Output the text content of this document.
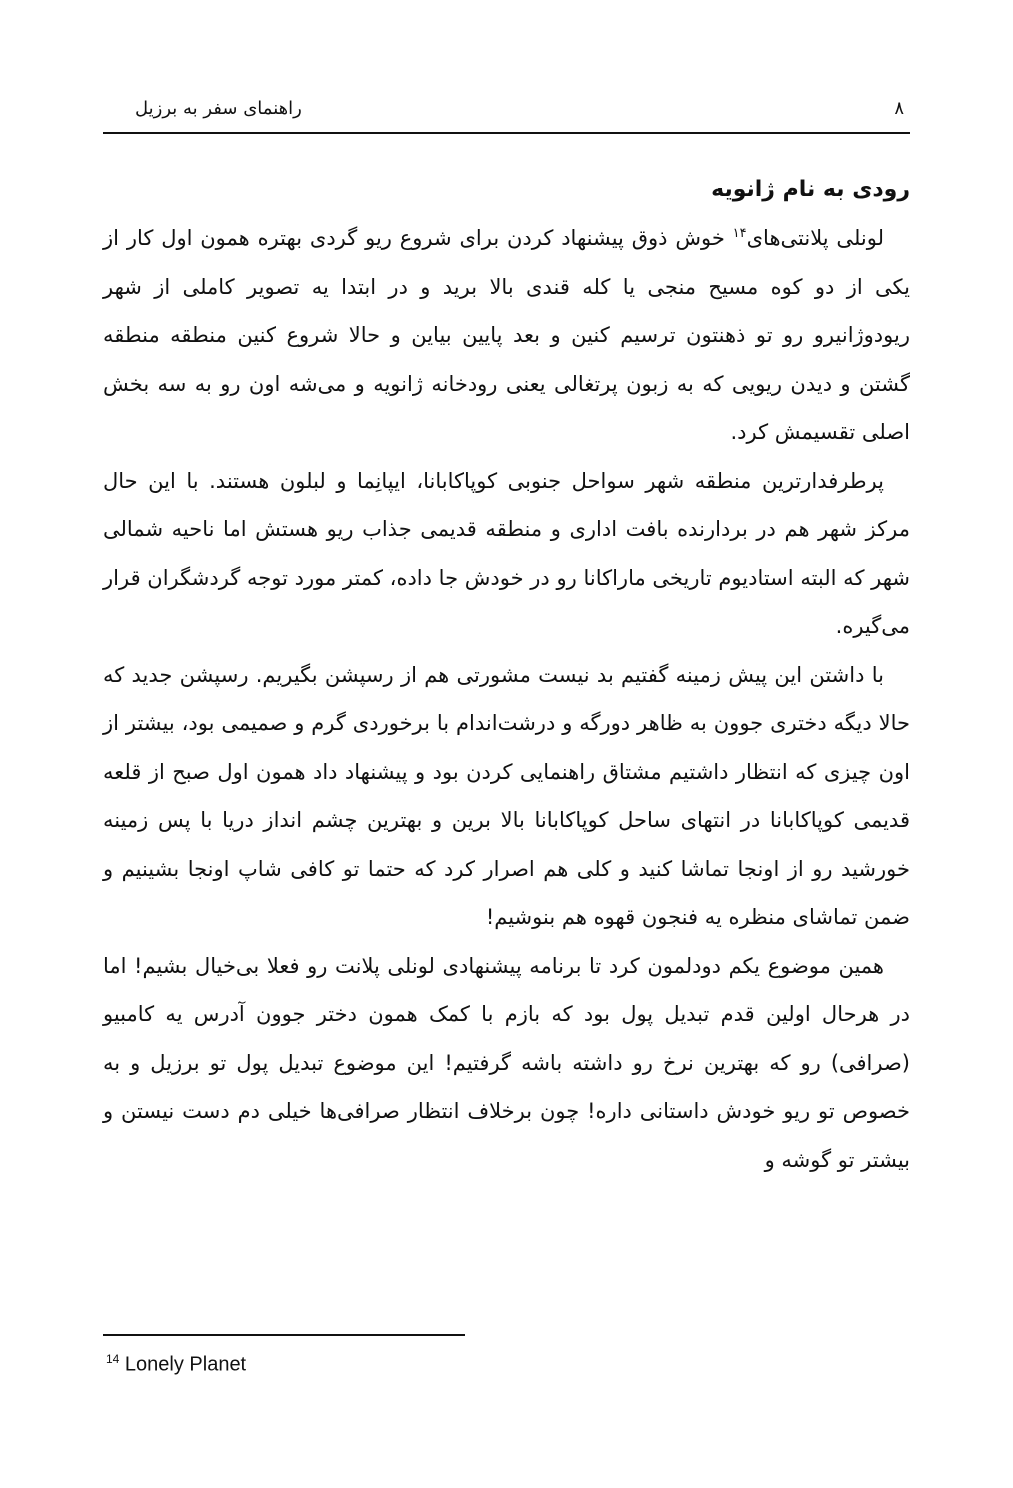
راهنمای سفر به برزیل	۸

رودی به نام ژانویه

لونلی پلانتی‌های$^{۱۴}$ خوش ذوق پیشنهاد کردن برای شروع ریو گردی بهتره همون اول کار از یکی از دو کوه مسیح منجی یا کله قندی بالا برید و در ابتدا یه تصویر کاملی از شهر ریودوژانیرو رو تو ذهنتون ترسیم کنین و بعد پایین بیاین و حالا شروع کنین منطقه منطقه گشتن و دیدن ریویی که به زبون پرتغالی یعنی رودخانه ژانویه و می‌شه اون رو به سه بخش اصلی تقسیمش کرد.

پرطرفدارترین منطقه شهر سواحل جنوبی کوپاکابانا، ایپانِما و لبلون هستند. با این حال مرکز شهر هم در بردارنده بافت اداری و منطقه قدیمی جذاب ریو هستش اما ناحیه شمالی شهر که البته استادیوم تاریخی ماراکانا رو در خودش جا داده، کمتر مورد توجه گردشگران قرار می‌گیره.

با داشتن این پیش زمینه گفتیم بد نیست مشورتی هم از رسپشن بگیریم. رسپشن جدید که حالا دیگه دختری جوون به ظاهر دورگه و درشت‌اندام با برخوردی گرم و صمیمی بود، بیشتر از اون چیزی که انتظار داشتیم مشتاق راهنمایی کردن بود و پیشنهاد داد همون اول صبح از قلعه قدیمی کوپاکابانا در انتهای ساحل کوپاکابانا بالا برین و بهترین چشم انداز دریا با پس زمینه خورشید رو از اونجا تماشا کنید و کلی هم اصرار کرد که حتما تو کافی شاپ اونجا بشینیم و ضمن تماشای منظره یه فنجون قهوه هم بنوشیم!

همین موضوع یکم دودلمون کرد تا برنامه پیشنهادی لونلی پلانت رو فعلا بی‌خیال بشیم! اما در هرحال اولین قدم تبدیل پول بود که بازم با کمک همون دختر جوون آدرس یه کامبیو (صرافی) رو که بهترین نرخ رو داشته باشه گرفتیم! این موضوع تبدیل پول تو برزیل و به خصوص تو ریو خودش داستانی داره! چون برخلاف انتظار صرافی‌ها خیلی دم دست نیستن و بیشتر تو گوشه و

$^{14}$ Lonely Planet
